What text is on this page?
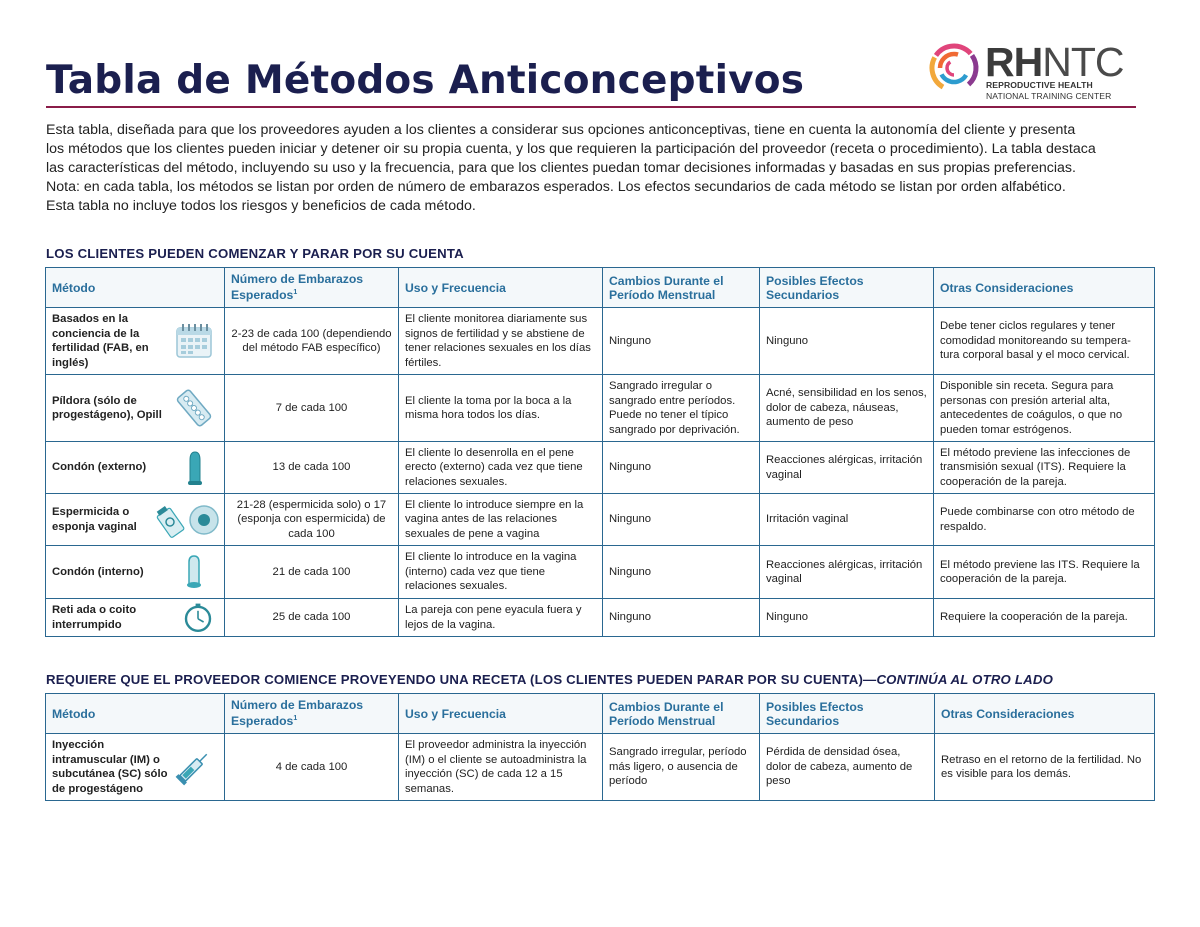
Tabla de Métodos Anticonceptivos	RHNTC
REPRODUCTIVE HEALTH
NATIONAL TRAINING CENTER

Esta tabla, diseñada para que los proveedores ayuden a los clientes a considerar sus opciones anticonceptivas, tiene en cuenta la autonomía del cliente y presenta

los métodos que los clientes pueden iniciar y detener oir su propia cuenta, y los que requieren la participación del proveedor (receta o procedimiento). La tabla destaca

las características del método, incluyendo su uso y la frecuencia, para que los clientes puedan tomar decisiones informadas y basadas en sus propias preferencias.

Nota: en cada tabla, los métodos se listan por orden de número de embarazos esperados. Los efectos secundarios de cada método se listan por orden alfabético.

Esta tabla no incluye todos los riesgos y beneficios de cada método.

LOS CLIENTES PUEDEN COMENZAR Y PARAR POR SU CUENTA
Método	Número de Embarazos Esperados$^1$	Uso y Frecuencia	Cambios Durante el Período Menstrual	Posibles Efectos Secundarios	Otras Consideraciones

Basados en la conciencia de la fertilidad (FAB, en inglés)	2-23 de cada 100 (dependiendo del método FAB específico)	El cliente monitorea diariamente sus signos de fertilidad y se abstiene de tener relaciones sexuales en los días fértiles.	Ninguno	Ninguno	Debe tener ciclos regulares y tener comodidad monitoreando su tempera-tura corporal basal y el moco cervical.

Píldora (sólo de progestágeno), Opill	7 de cada 100	El cliente la toma por la boca a la misma hora todos los días.	Sangrado irregular o sangrado entre períodos. Puede no tener el típico sangrado por deprivación.	Acné, sensibilidad en los senos, dolor de cabeza, náuseas, aumento de peso	Disponible sin receta. Segura para personas con presión arterial alta, antecedentes de coágulos, o que no pueden tomar estrógenos.

Condón (externo)	13 de cada 100	El cliente lo desenrolla en el pene erecto (externo) cada vez que tiene relaciones sexuales.	Ninguno	Reacciones alérgicas, irritación vaginal	El método previene las infecciones de transmisión sexual (ITS). Requiere la cooperación de la pareja.

Espermicida o esponja vaginal	21-28 (espermicida solo) o 17 (esponja con espermicida) de cada 100	El cliente lo introduce siempre en la vagina antes de las relaciones sexuales de pene a vagina	Ninguno	Irritación vaginal	Puede combinarse con otro método de respaldo.

Condón (interno)	21 de cada 100	El cliente lo introduce en la vagina (interno) cada vez que tiene relaciones sexuales.	Ninguno	Reacciones alérgicas, irritación vaginal	El método previene las ITS. Requiere la cooperación de la pareja.

Reti ada o coito interrumpido	25 de cada 100	La pareja con pene eyacula fuera y lejos de la vagina.	Ninguno	Ninguno	Requiere la cooperación de la pareja.
REQUIERE QUE EL PROVEEDOR COMIENCE PROVEYENDO UNA RECETA (LOS CLIENTES PUEDEN PARAR POR SU CUENTA)—CONTINÚA AL OTRO LADO
Método	Número de Embarazos Esperados$^1$	Uso y Frecuencia	Cambios Durante el Período Menstrual	Posibles Efectos Secundarios	Otras Consideraciones

Inyección intramuscular (IM) o subcutánea (SC) sólo de progestágeno	4 de cada 100	El proveedor administra la inyección (IM) o el cliente se autoadministra la inyección (SC) de cada 12 a 15 semanas.	Sangrado irregular, período más ligero, o ausencia de período	Pérdida de densidad ósea, dolor de cabeza, aumento de peso	Retraso en el retorno de la fertilidad. No es visible para los demás.
